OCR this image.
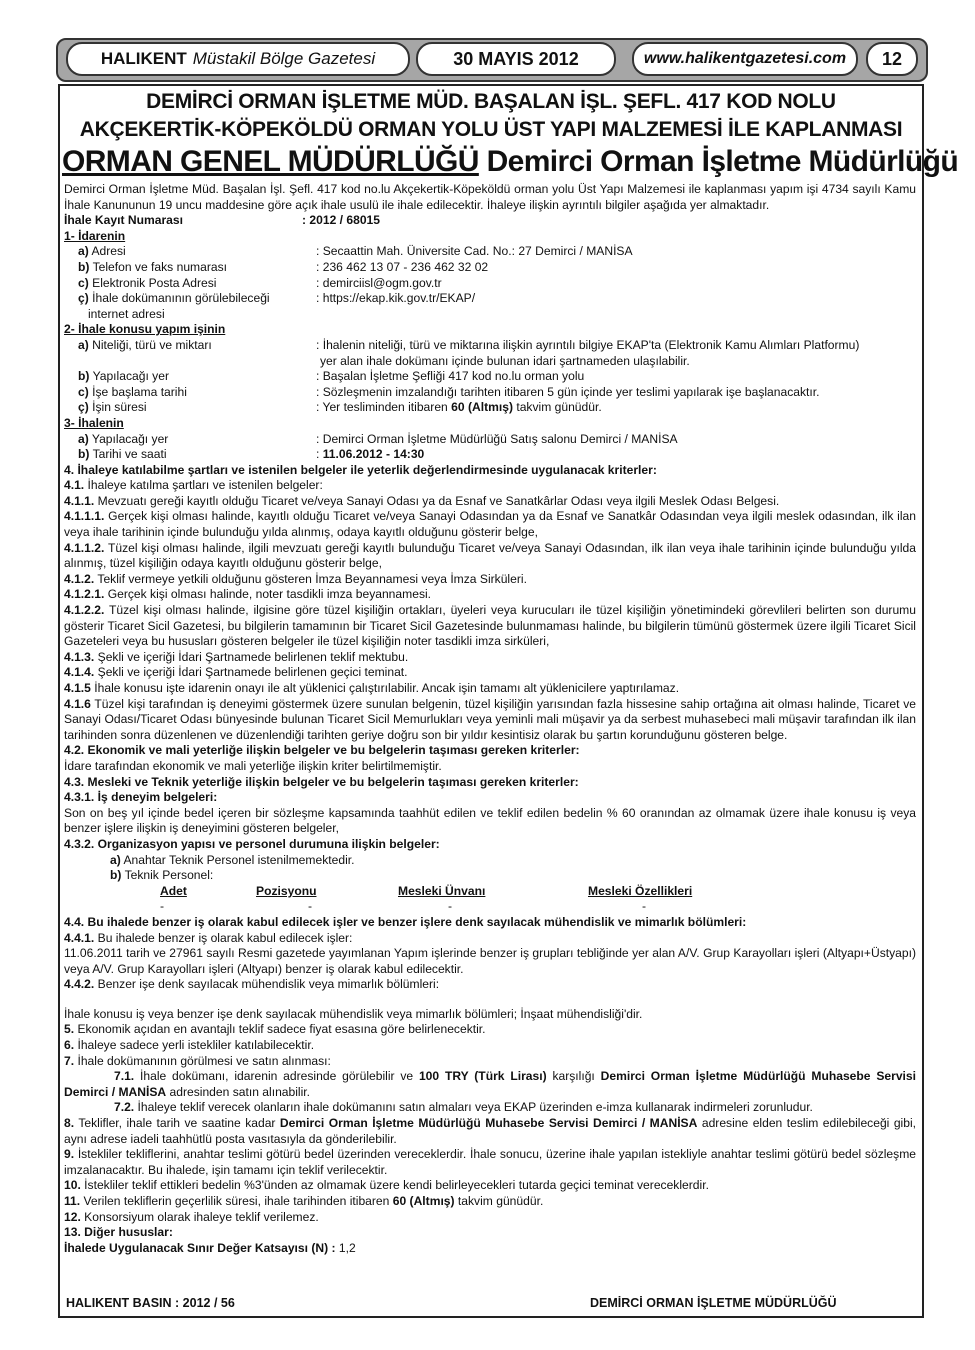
HALIKENT Müstakil Bölge Gazetesi	30 MAYIS 2012	www.halikentgazetesi.com	12
DEMİRCİ ORMAN İŞLETME MÜD. BAŞALAN İŞL. ŞEFL. 417 KOD NOLU
AKÇEKERTİK-KÖPEKÖLDÜ ORMAN YOLU ÜST YAPI MALZEMESİ İLE KAPLANMASI
ORMAN GENEL MÜDÜRLÜĞÜ Demirci Orman İşletme Müdürlüğü

Demirci Orman İşletme Müd. Başalan İşl. Şefl. 417 kod no.lu Akçekertik-Köpeköldü orman yolu Üst Yapı Malzemesi ile kaplanması yapım işi 4734 sayılı Kamu İhale Kanununun 19 uncu maddesine göre açık ihale usulü ile ihale edilecektir. İhaleye ilişkin ayrıntılı bilgiler aşağıda yer almaktadır.

İhale Kayıt Numarası	: 2012 / 68015
1- İdarenin
a) Adresi	: Secaattin Mah. Üniversite Cad. No.: 27 Demirci / MANİSA
b) Telefon ve faks numarası	: 236 462 13 07 - 236 462 32 02
c) Elektronik Posta Adresi	: demirciisl@ogm.gov.tr
ç) İhale dokümanının görülebileceği	: https://ekap.kik.gov.tr/EKAP/
internet adresi
2- İhale konusu yapım işinin
a) Niteliği, türü ve miktarı	: İhalenin niteliği, türü ve miktarına ilişkin ayrıntılı bilgiye EKAP'ta (Elektronik Kamu Alımları Platformu)
yer alan ihale dokümanı içinde bulunan idari şartnameden ulaşılabilir.
b) Yapılacağı yer	: Başalan İşletme Şefliği 417 kod no.lu orman yolu
c) İşe başlama tarihi	: Sözleşmenin imzalandığı tarihten itibaren 5 gün içinde yer teslimi yapılarak işe başlanacaktır.
ç) İşin süresi	: Yer tesliminden itibaren 60 (Altmış) takvim günüdür.
3- İhalenin
a) Yapılacağı yer	: Demirci Orman İşletme Müdürlüğü Satış salonu Demirci / MANİSA
b) Tarihi ve saati	: 11.06.2012 - 14:30
4. İhaleye katılabilme şartları ve istenilen belgeler ile yeterlik değerlendirmesinde uygulanacak kriterler:

4.1. İhaleye katılma şartları ve istenilen belgeler:

4.1.1. Mevzuatı gereği kayıtlı olduğu Ticaret ve/veya Sanayi Odası ya da Esnaf ve Sanatkârlar Odası veya ilgili Meslek Odası Belgesi.

4.1.1.1. Gerçek kişi olması halinde, kayıtlı olduğu Ticaret ve/veya Sanayi Odasından ya da Esnaf ve Sanatkâr Odasından veya ilgili meslek odasından, ilk ilan veya ihale tarihinin içinde bulunduğu yılda alınmış, odaya kayıtlı olduğunu gösterir belge,

4.1.1.2. Tüzel kişi olması halinde, ilgili mevzuatı gereği kayıtlı bulunduğu Ticaret ve/veya Sanayi Odasından, ilk ilan veya ihale tarihinin içinde bulunduğu yılda alınmış, tüzel kişiliğin odaya kayıtlı olduğunu gösterir belge,

4.1.2. Teklif vermeye yetkili olduğunu gösteren İmza Beyannamesi veya İmza Sirküleri.

4.1.2.1. Gerçek kişi olması halinde, noter tasdikli imza beyannamesi.

4.1.2.2. Tüzel kişi olması halinde, ilgisine göre tüzel kişiliğin ortakları, üyeleri veya kurucuları ile tüzel kişiliğin yönetimindeki görevlileri belirten son durumu gösterir Ticaret Sicil Gazetesi, bu bilgilerin tamamının bir Ticaret Sicil Gazetesinde bulunmaması halinde, bu bilgilerin tümünü göstermek üzere ilgili Ticaret Sicil Gazeteleri veya bu hususları gösteren belgeler ile tüzel kişiliğin noter tasdikli imza sirküleri,

4.1.3. Şekli ve içeriği İdari Şartnamede belirlenen teklif mektubu.

4.1.4. Şekli ve içeriği İdari Şartnamede belirlenen geçici teminat.

4.1.5 İhale konusu işte idarenin onayı ile alt yüklenici çalıştırılabilir. Ancak işin tamamı alt yüklenicilere yaptırılamaz.

4.1.6 Tüzel kişi tarafından iş deneyimi göstermek üzere sunulan belgenin, tüzel kişiliğin yarısından fazla hissesine sahip ortağına ait olması halinde, Ticaret ve Sanayi Odası/Ticaret Odası bünyesinde bulunan Ticaret Sicil Memurlukları veya yeminli mali müşavir ya da serbest muhasebeci mali müşavir tarafından ilk ilan tarihinden sonra düzenlenen ve düzenlendiği tarihten geriye doğru son bir yıldır kesintisiz olarak bu şartın korunduğunu gösteren belge.

4.2. Ekonomik ve mali yeterliğe ilişkin belgeler ve bu belgelerin taşıması gereken kriterler:

İdare tarafından ekonomik ve mali yeterliğe ilişkin kriter belirtilmemiştir.

4.3. Mesleki ve Teknik yeterliğe ilişkin belgeler ve bu belgelerin taşıması gereken kriterler:
4.3.1. İş deneyim belgeleri:

Son on beş yıl içinde bedel içeren bir sözleşme kapsamında taahhüt edilen ve teklif edilen bedelin % 60 oranından az olmamak üzere ihale konusu iş veya benzer işlere ilişkin iş deneyimini gösteren belgeler,

4.3.2. Organizasyon yapısı ve personel durumuna ilişkin belgeler:
a) Anahtar Teknik Personel istenilmemektedir.
b) Teknik Personel:
Adet	Pozisyonu	Mesleki Ünvanı	Mesleki Özellikleri
-	-	-	-
4.4. Bu ihalede benzer iş olarak kabul edilecek işler ve benzer işlere denk sayılacak mühendislik ve mimarlık bölümleri:

4.4.1. Bu ihalede benzer iş olarak kabul edilecek işler:

11.06.2011 tarih ve 27961 sayılı Resmi gazetede yayımlanan Yapım işlerinde benzer iş grupları tebliğinde yer alan A/V. Grup Karayolları işleri (Altyapı+Üstyapı) veya A/V. Grup Karayolları işleri (Altyapı) benzer iş olarak kabul edilecektir.

4.4.2. Benzer işe denk sayılacak mühendislik veya mimarlık bölümleri:

İhale konusu iş veya benzer işe denk sayılacak mühendislik veya mimarlık bölümleri; İnşaat mühendisliği'dir.

5. Ekonomik açıdan en avantajlı teklif sadece fiyat esasına göre belirlenecektir.

6. İhaleye sadece yerli istekliler katılabilecektir.

7. İhale dokümanının görülmesi ve satın alınması:

7.1. İhale dokümanı, idarenin adresinde görülebilir ve 100 TRY (Türk Lirası) karşılığı Demirci Orman İşletme Müdürlüğü Muhasebe Servisi Demirci / MANİSA adresinden satın alınabilir.

7.2. İhaleye teklif verecek olanların ihale dokümanını satın almaları veya EKAP üzerinden e-imza kullanarak indirmeleri zorunludur.

8. Teklifler, ihale tarih ve saatine kadar Demirci Orman İşletme Müdürlüğü Muhasebe Servisi Demirci / MANİSA adresine elden teslim edilebileceği gibi, aynı adrese iadeli taahhütlü posta vasıtasıyla da gönderilebilir.

9. İstekliler tekliflerini, anahtar teslimi götürü bedel üzerinden vereceklerdir. İhale sonucu, üzerine ihale yapılan istekliyle anahtar teslimi götürü bedel sözleşme imzalanacaktır. Bu ihalede, işin tamamı için teklif verilecektir.

10. İstekliler teklif ettikleri bedelin %3'ünden az olmamak üzere kendi belirleyecekleri tutarda geçici teminat vereceklerdir.

11. Verilen tekliflerin geçerlilik süresi, ihale tarihinden itibaren 60 (Altmış) takvim günüdür.

12. Konsorsiyum olarak ihaleye teklif verilemez.

13. Diğer hususlar:
İhalede Uygulanacak Sınır Değer Katsayısı (N) : 1,2
HALIKENT BASIN : 2012 / 56	DEMİRCİ ORMAN İŞLETME MÜDÜRLÜĞÜ
